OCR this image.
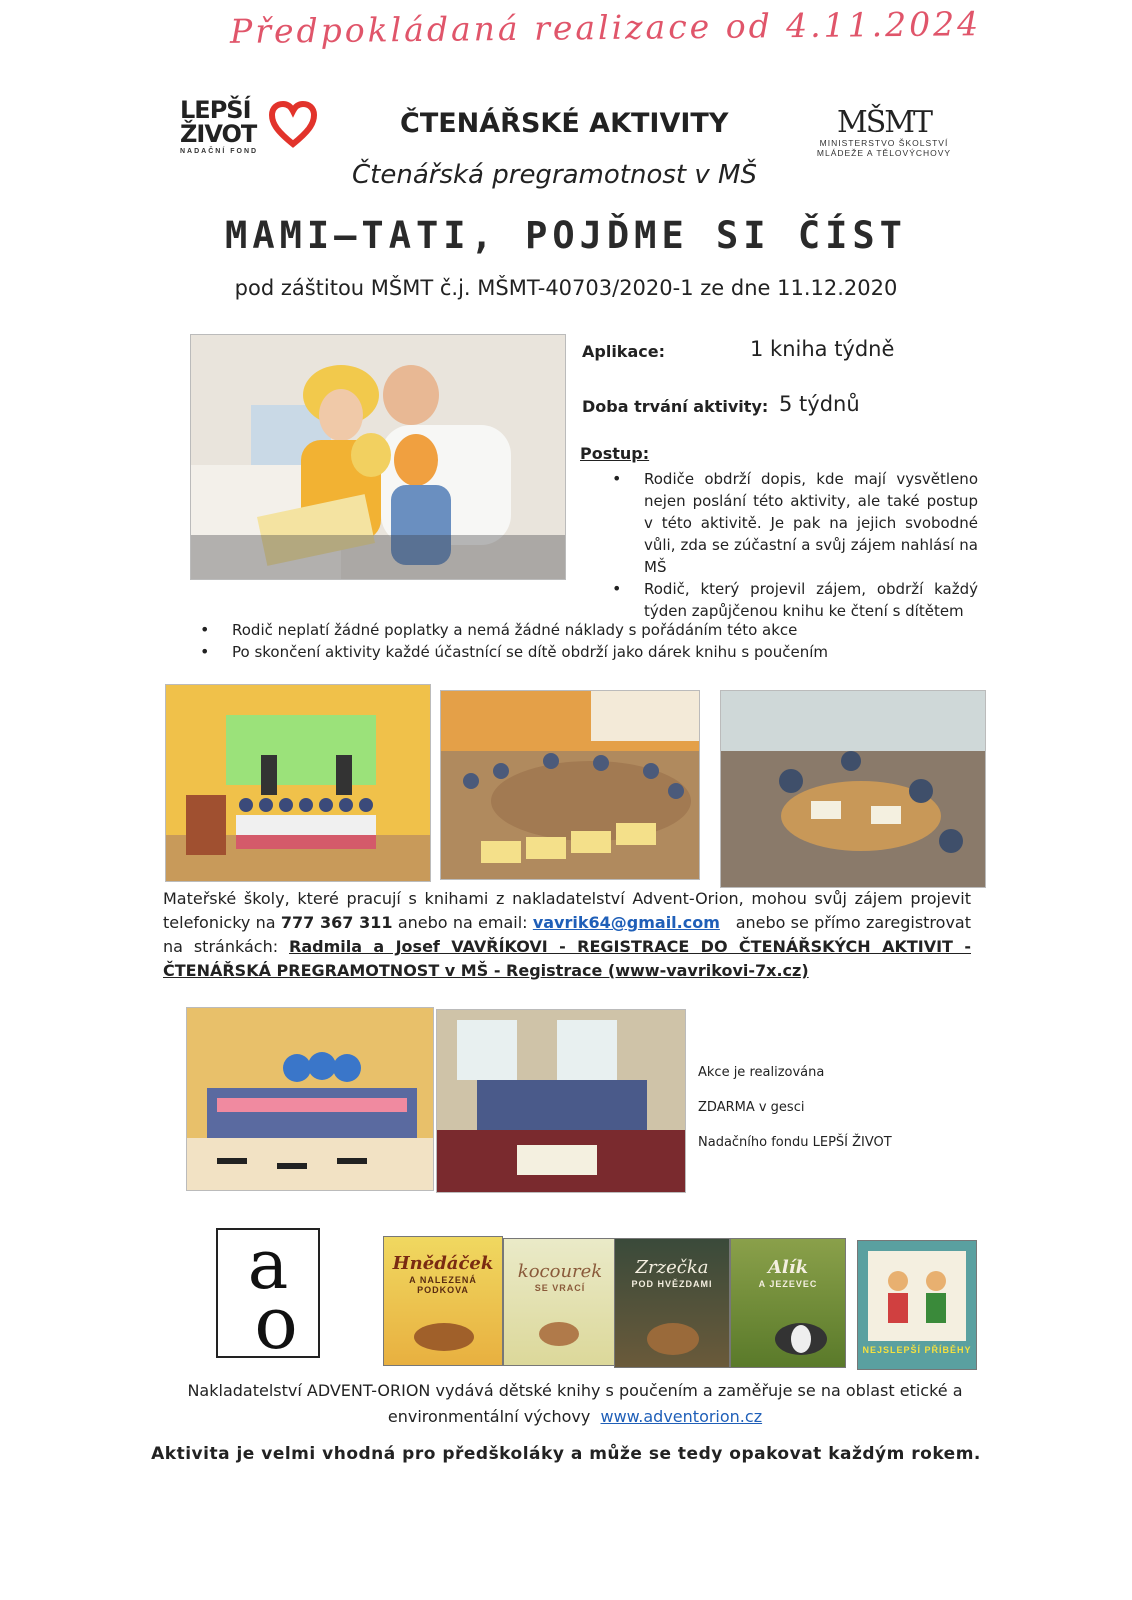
Předpokládaná realizace od 4.11.2024
LEPŠÍ
ŽIVOT
NADAČNÍ FOND
ČTENÁŘSKÉ AKTIVITY
Čtenářská pregramotnost v MŠ
MŠMT
MINISTERSTVO ŠKOLSTVÍ
MLÁDEŽE A TĚLOVÝCHOVY
MAMI–TATI, POJĎME SI ČÍST
pod záštitou MŠMT č.j. MŠMT-40703/2020-1 ze dne 11.12.2020
Aplikace:	1 kniha týdně
Doba trvání aktivity: 5 týdnů
Postup:
• Rodiče obdrží dopis, kde mají vysvětleno nejen poslání této aktivity, ale také postup v této aktivitě. Je pak na jejich svobodné vůli, zda se zúčastní a svůj zájem nahlásí na MŠ
• Rodič, který projevil zájem, obdrží každý týden zapůjčenou knihu ke čtení s dítětem
• Rodič neplatí žádné poplatky a nemá žádné náklady s pořádáním této akce
• Po skončení aktivity každé účastnící se dítě obdrží jako dárek knihu s poučením
Mateřské školy, které pracují s knihami z nakladatelství Advent-Orion, mohou svůj zájem projevit telefonicky na 777 367 311 anebo na email: vavrik64@gmail.com anebo se přímo zaregistrovat na stránkách: Radmila a Josef VAVŘÍKOVI - REGISTRACE DO ČTENÁŘSKÝCH AKTIVIT - ČTENÁŘSKÁ PREGRAMOTNOST v MŠ - Registrace (www-vavrikovi-7x.cz)
Akce je realizována
ZDARMA v gesci
Nadačního fondu LEPŠÍ ŽIVOT
a
o
Hnědáček
A NALEZENÁ PODKOVA
kocourek
SE VRACÍ
Zrzečka
POD HVĚZDAMI
Alík
A JEZEVEC
NEJSLEPŠÍ PŘÍBĚHY
Nakladatelství ADVENT-ORION vydává dětské knihy s poučením a zaměřuje se na oblast etické a environmentální výchovy www.adventorion.cz
Aktivita je velmi vhodná pro předškoláky a může se tedy opakovat každým rokem.
